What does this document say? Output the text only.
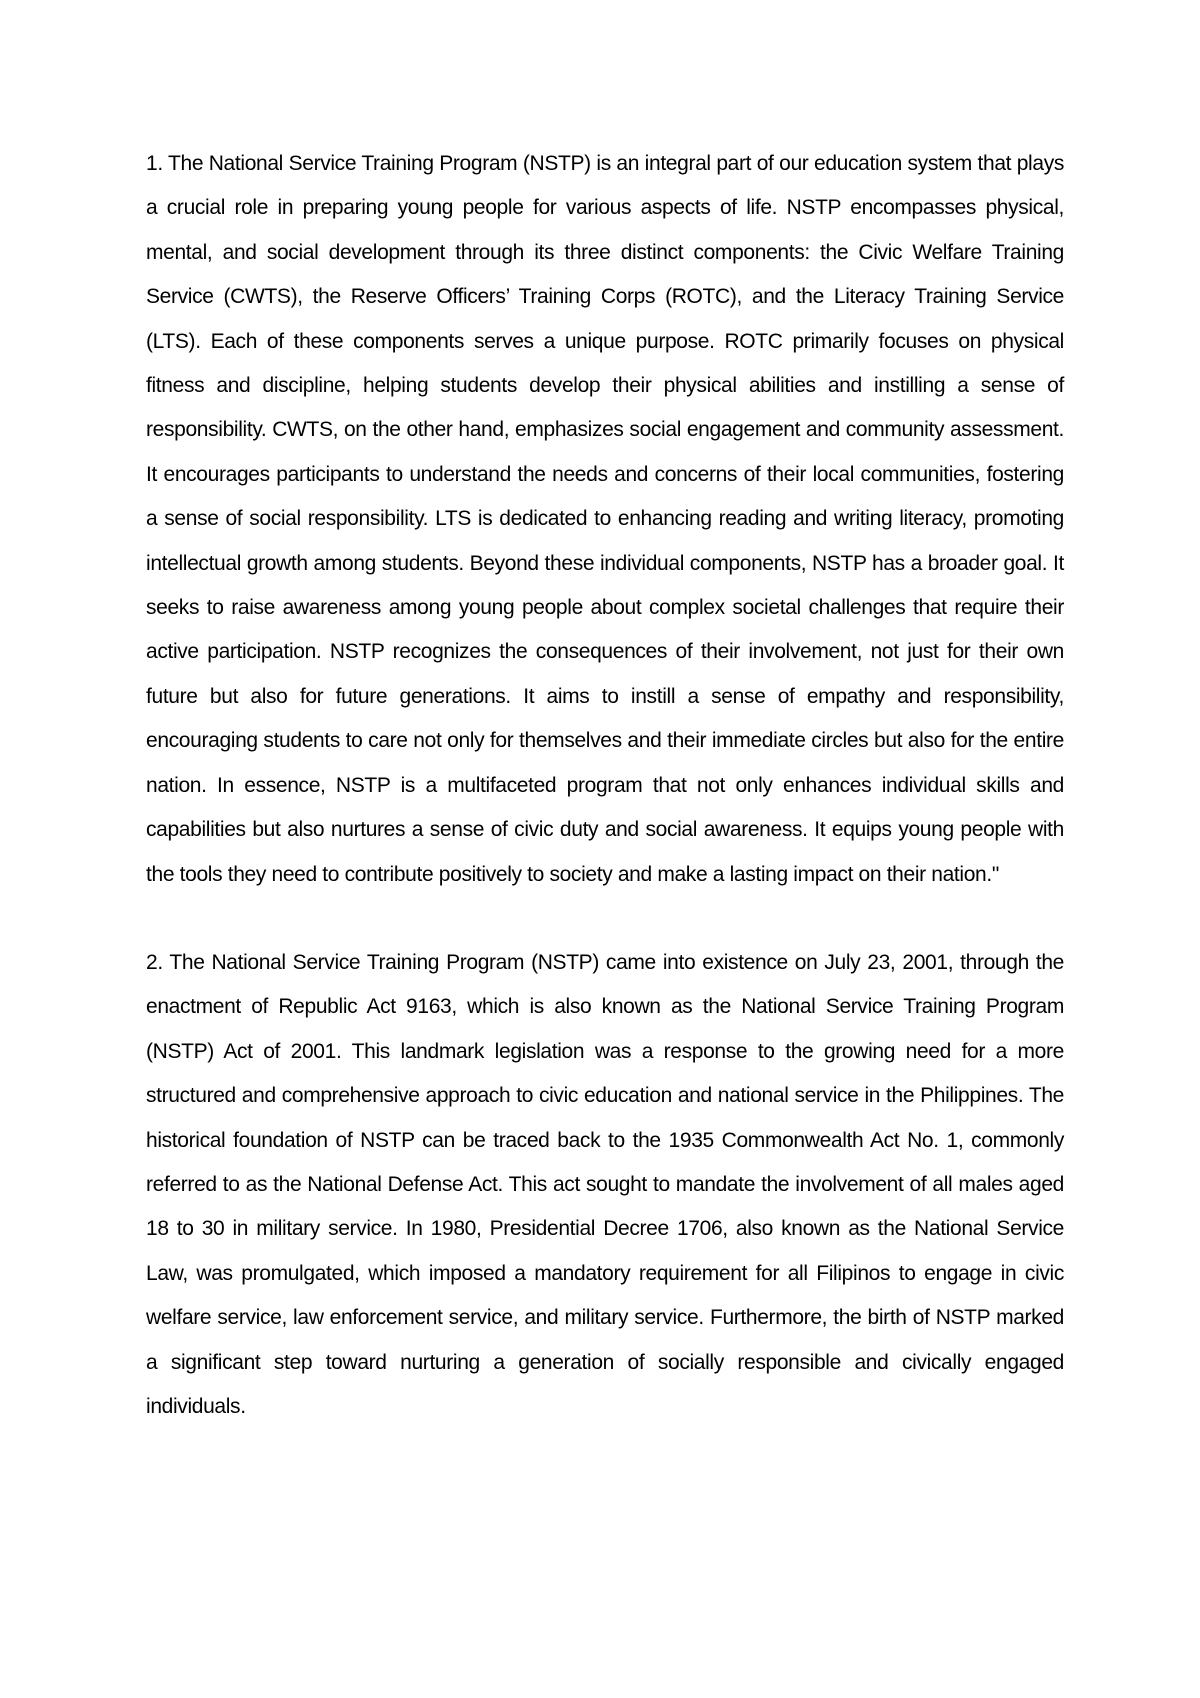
1. The National Service Training Program (NSTP) is an integral part of our education system that plays a crucial role in preparing young people for various aspects of life. NSTP encompasses physical, mental, and social development through its three distinct components: the Civic Welfare Training Service (CWTS), the Reserve Officers’ Training Corps (ROTC), and the Literacy Training Service (LTS). Each of these components serves a unique purpose. ROTC primarily focuses on physical fitness and discipline, helping students develop their physical abilities and instilling a sense of responsibility. CWTS, on the other hand, emphasizes social engagement and community assessment. It encourages participants to understand the needs and concerns of their local communities, fostering a sense of social responsibility. LTS is dedicated to enhancing reading and writing literacy, promoting intellectual growth among students. Beyond these individual components, NSTP has a broader goal. It seeks to raise awareness among young people about complex societal challenges that require their active participation. NSTP recognizes the consequences of their involvement, not just for their own future but also for future generations. It aims to instill a sense of empathy and responsibility, encouraging students to care not only for themselves and their immediate circles but also for the entire nation. In essence, NSTP is a multifaceted program that not only enhances individual skills and capabilities but also nurtures a sense of civic duty and social awareness. It equips young people with the tools they need to contribute positively to society and make a lasting impact on their nation."

2. The National Service Training Program (NSTP) came into existence on July 23, 2001, through the enactment of Republic Act 9163, which is also known as the National Service Training Program (NSTP) Act of 2001. This landmark legislation was a response to the growing need for a more structured and comprehensive approach to civic education and national service in the Philippines. The historical foundation of NSTP can be traced back to the 1935 Commonwealth Act No. 1, commonly referred to as the National Defense Act. This act sought to mandate the involvement of all males aged 18 to 30 in military service. In 1980, Presidential Decree 1706, also known as the National Service Law, was promulgated, which imposed a mandatory requirement for all Filipinos to engage in civic welfare service, law enforcement service, and military service. Furthermore, the birth of NSTP marked a significant step toward nurturing a generation of socially responsible and civically engaged individuals.
